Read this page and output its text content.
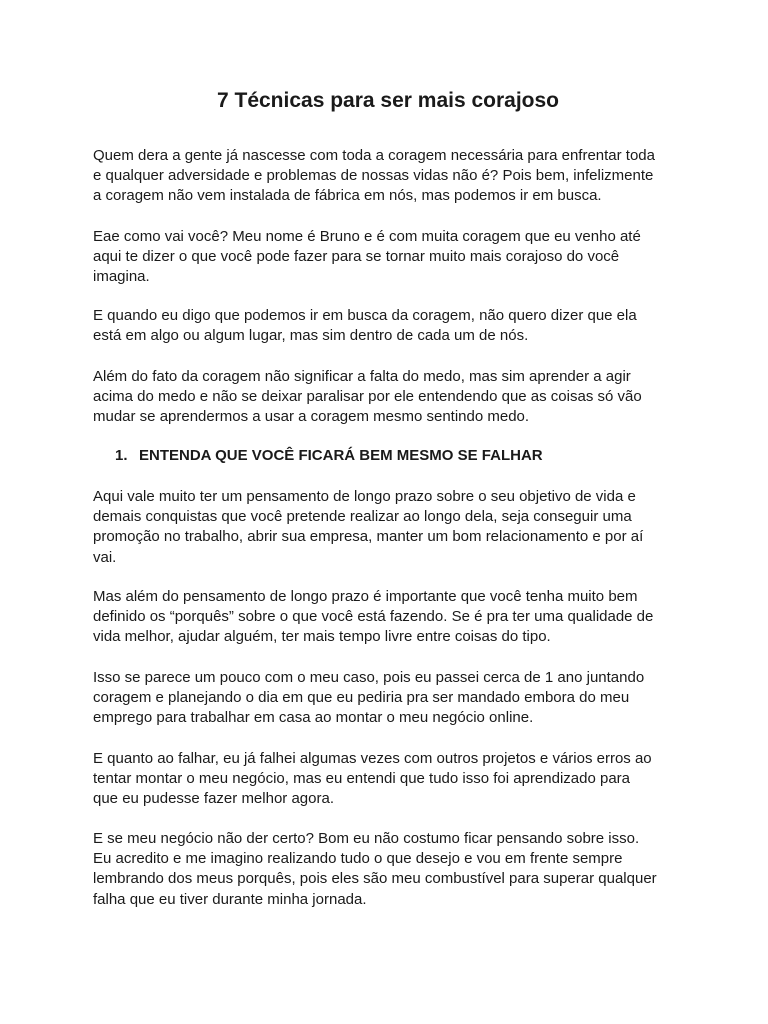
7 Técnicas para ser mais corajoso

Quem dera a gente já nascesse com toda a coragem necessária para enfrentar toda
e qualquer adversidade e problemas de nossas vidas não é? Pois bem, infelizmente
a coragem não vem instalada de fábrica em nós, mas podemos ir em busca.

Eae como vai você? Meu nome é Bruno e é com muita coragem que eu venho até
aqui te dizer o que você pode fazer para se tornar muito mais corajoso do você
imagina.

E quando eu digo que podemos ir em busca da coragem, não quero dizer que ela
está em algo ou algum lugar, mas sim dentro de cada um de nós.

Além do fato da coragem não significar a falta do medo, mas sim aprender a agir
acima do medo e não se deixar paralisar por ele entendendo que as coisas só vão
mudar se aprendermos a usar a coragem mesmo sentindo medo.

1. ENTENDA QUE VOCÊ FICARÁ BEM MESMO SE FALHAR

Aqui vale muito ter um pensamento de longo prazo sobre o seu objetivo de vida e
demais conquistas que você pretende realizar ao longo dela, seja conseguir uma
promoção no trabalho, abrir sua empresa, manter um bom relacionamento e por aí
vai.

Mas além do pensamento de longo prazo é importante que você tenha muito bem
definido os “porquês” sobre o que você está fazendo. Se é pra ter uma qualidade de
vida melhor, ajudar alguém, ter mais tempo livre entre coisas do tipo.

Isso se parece um pouco com o meu caso, pois eu passei cerca de 1 ano juntando
coragem e planejando o dia em que eu pediria pra ser mandado embora do meu
emprego para trabalhar em casa ao montar o meu negócio online.

E quanto ao falhar, eu já falhei algumas vezes com outros projetos e vários erros ao
tentar montar o meu negócio, mas eu entendi que tudo isso foi aprendizado para
que eu pudesse fazer melhor agora.

E se meu negócio não der certo? Bom eu não costumo ficar pensando sobre isso.
Eu acredito e me imagino realizando tudo o que desejo e vou em frente sempre
lembrando dos meus porquês, pois eles são meu combustível para superar qualquer
falha que eu tiver durante minha jornada.
